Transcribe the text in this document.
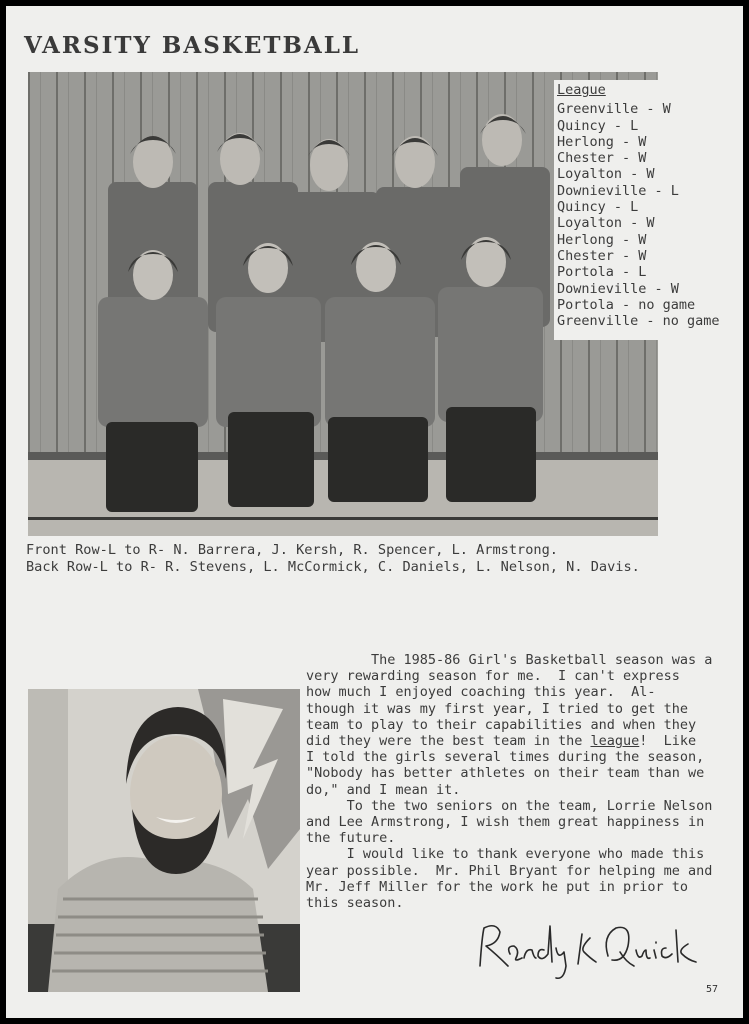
VARSITY BASKETBALL
League
Greenville - W
Quincy - L
Herlong - W
Chester - W
Loyalton - W
Downieville - L
Quincy - L
Loyalton - W
Herlong - W
Chester - W
Portola - L
Downieville - W
Portola - no game
Greenville - no game
Front Row-L to R- N. Barrera, J. Kersh, R. Spencer, L. Armstrong.
Back Row-L to R- R. Stevens, L. McCormick, C. Daniels, L. Nelson, N. Davis.

The 1985-86 Girl's Basketball season was a

very rewarding season for me.  I can't express

how much I enjoyed coaching this year.  Al-

though it was my first year, I tried to get the

team to play to their capabilities and when they

did they were the best team in the league!  Like

I told the girls several times during the season,

"Nobody has better athletes on their team than we

do," and I mean it.

To the two seniors on the team, Lorrie Nelson

and Lee Armstrong, I wish them great happiness in

the future.

I would like to thank everyone who made this

year possible.  Mr. Phil Bryant for helping me and

Mr. Jeff Miller for the work he put in prior to

this season.

57
